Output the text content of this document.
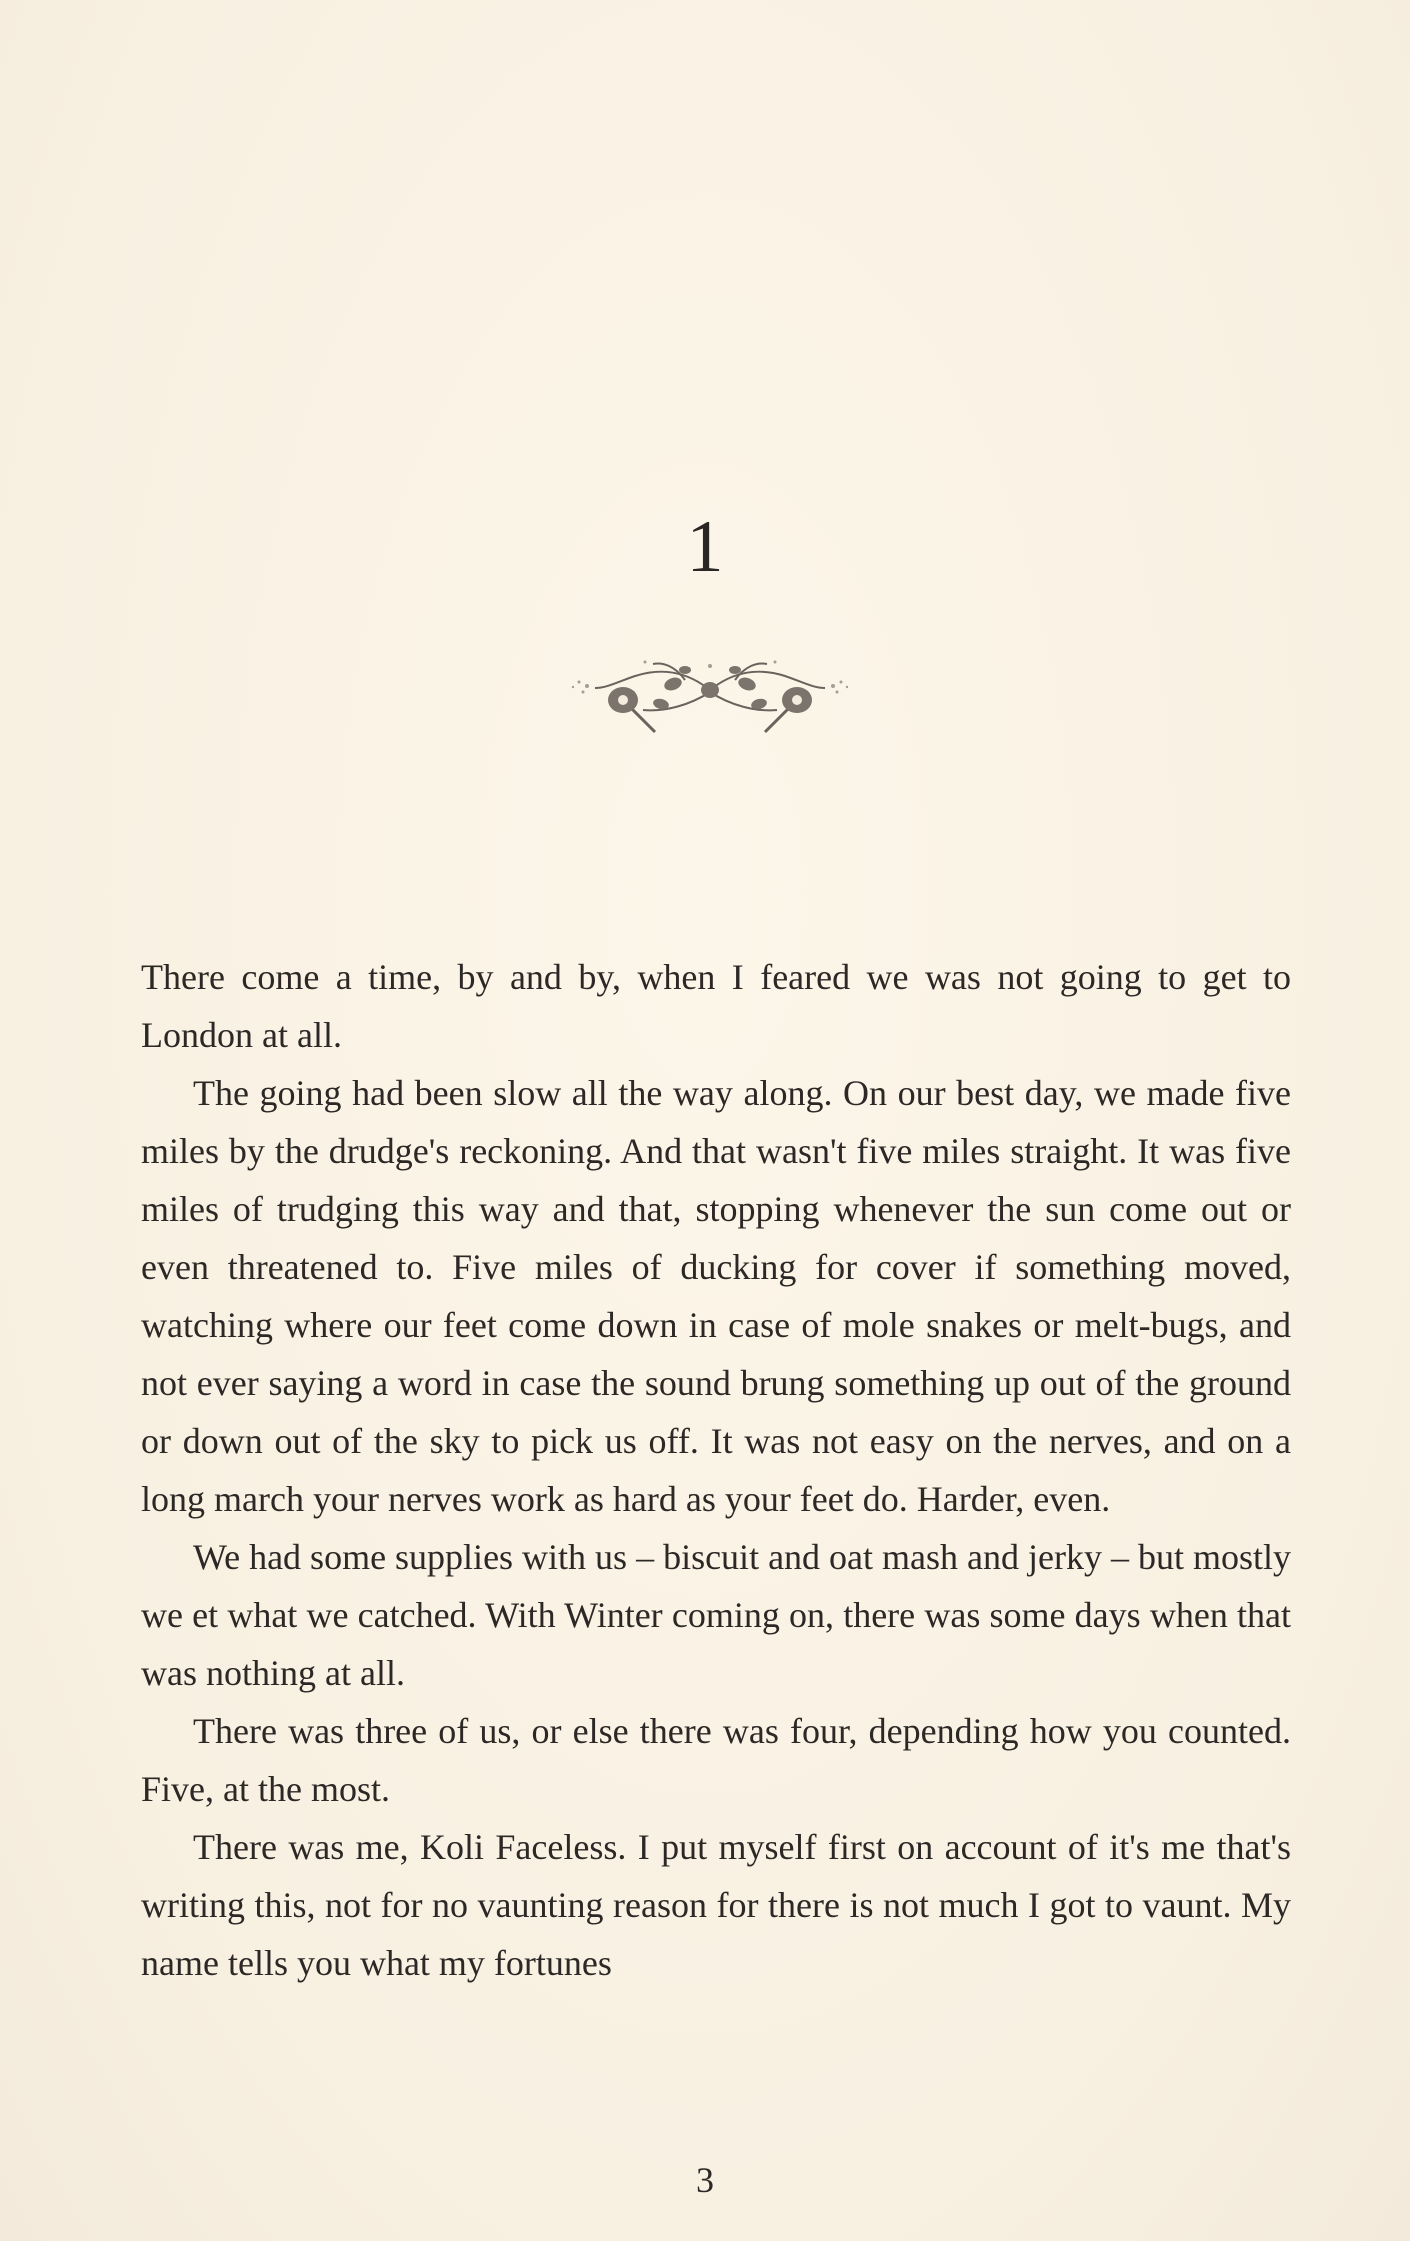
1

There come a time, by and by, when I feared we was not going to get to London at all.

The going had been slow all the way along. On our best day, we made five miles by the drudge's reckoning. And that wasn't five miles straight. It was five miles of trudging this way and that, stopping whenever the sun come out or even threatened to. Five miles of ducking for cover if something moved, watching where our feet come down in case of mole snakes or melt-bugs, and not ever saying a word in case the sound brung something up out of the ground or down out of the sky to pick us off. It was not easy on the nerves, and on a long march your nerves work as hard as your feet do. Harder, even.

We had some supplies with us – biscuit and oat mash and jerky – but mostly we et what we catched. With Winter coming on, there was some days when that was nothing at all.

There was three of us, or else there was four, depending how you counted. Five, at the most.

There was me, Koli Faceless. I put myself first on account of it's me that's writing this, not for no vaunting reason for there is not much I got to vaunt. My name tells you what my fortunes

3
